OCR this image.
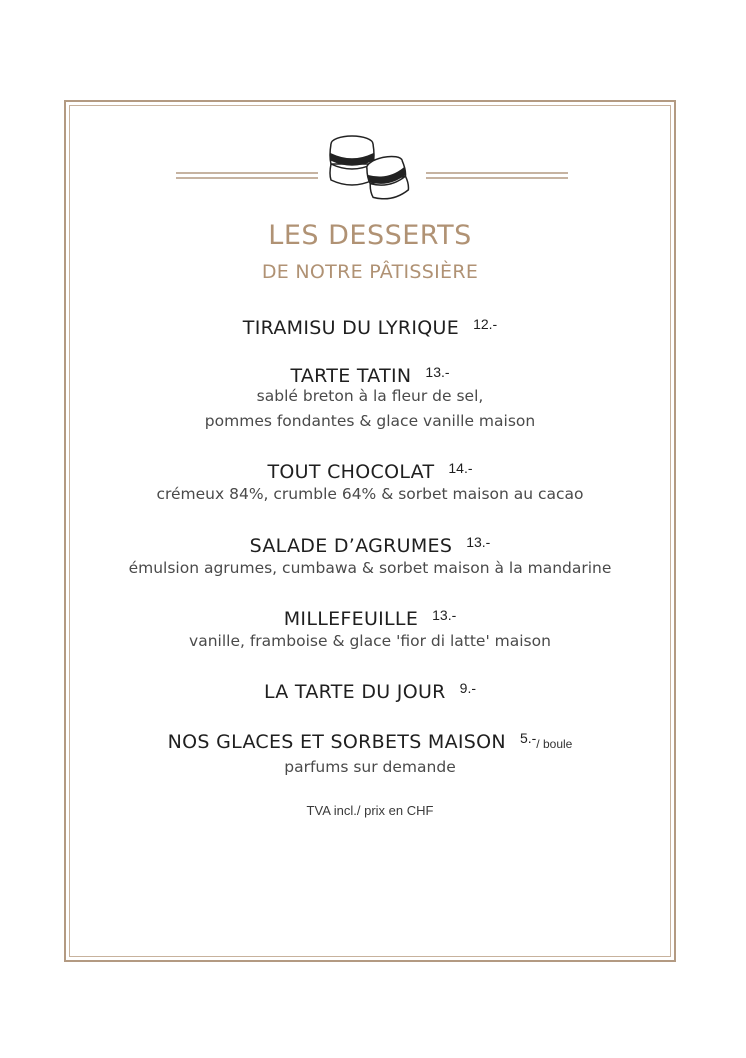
LES DESSERTS
DE NOTRE PÂTISSIÈRE
TIRAMISU DU LYRIQUE 12.-
TARTE TATIN 13.-
sablé breton à la fleur de sel,
pommes fondantes & glace vanille maison
TOUT CHOCOLAT 14.-
crémeux 84%, crumble 64% & sorbet maison au cacao
SALADE D’AGRUMES 13.-
émulsion agrumes, cumbawa & sorbet maison à la mandarine
MILLEFEUILLE 13.-
vanille, framboise & glace 'fior di latte' maison
LA TARTE DU JOUR 9.-
NOS GLACES ET SORBETS MAISON 5.-/ boule
parfums sur demande
TVA incl./ prix en CHF
